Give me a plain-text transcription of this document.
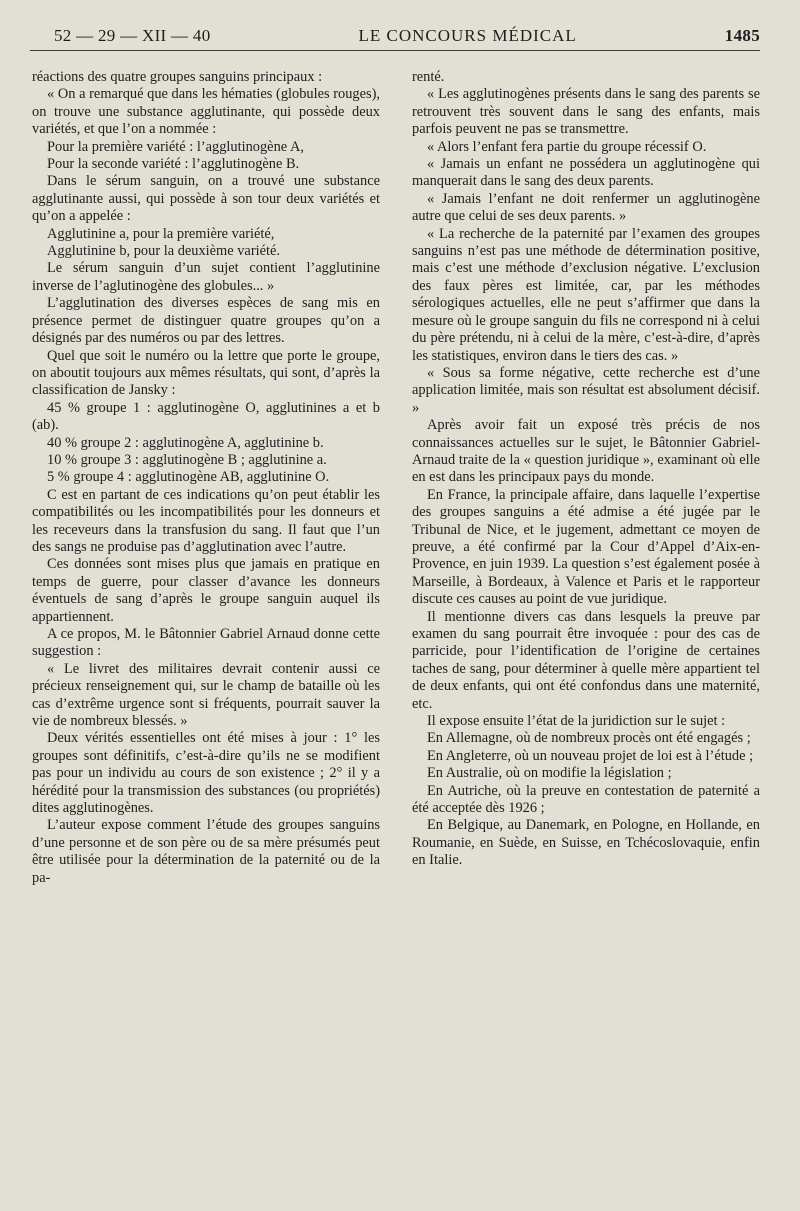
52 — 29 — XII — 40	LE CONCOURS MÉDICAL	1485

réactions des quatre groupes sanguins principaux :

« On a remarqué que dans les hématies (globules rouges), on trouve une substance agglutinante, qui possède deux variétés, et que l’on a nommée :

Pour la première variété : l’agglutinogène A,

Pour la seconde variété : l’agglutinogène B.

Dans le sérum sanguin, on a trouvé une substance agglutinante aussi, qui possède à son tour deux variétés et qu’on a appelée :

Agglutinine a, pour la première variété,

Agglutinine b, pour la deuxième variété.

Le sérum sanguin d’un sujet contient l’agglutinine inverse de l’aglutinogène des globules... »

L’agglutination des diverses espèces de sang mis en présence permet de distinguer quatre groupes qu’on a désignés par des numéros ou par des lettres.

Quel que soit le numéro ou la lettre que porte le groupe, on aboutit toujours aux mêmes résultats, qui sont, d’après la classification de Jansky :

45 % groupe 1 : agglutinogène O, agglutinines a et b (ab).

40 % groupe 2 : agglutinogène A, agglutinine b.

10 % groupe 3 : agglutinogène B ; agglutinine a.

5 % groupe 4 : agglutinogène AB, agglutinine O.

C est en partant de ces indications qu’on peut établir les compatibilités ou les incompatibilités pour les donneurs et les receveurs dans la transfusion du sang. Il faut que l’un des sangs ne produise pas d’agglutination avec l’autre.

Ces données sont mises plus que jamais en pratique en temps de guerre, pour classer d’avance les donneurs éventuels de sang d’après le groupe sanguin auquel ils appartiennent.

A ce propos, M. le Bâtonnier Gabriel Arnaud donne cette suggestion :

« Le livret des militaires devrait contenir aussi ce précieux renseignement qui, sur le champ de bataille où les cas d’extrême urgence sont si fréquents, pourrait sauver la vie de nombreux blessés. »

Deux vérités essentielles ont été mises à jour : 1° les groupes sont définitifs, c’est-à-dire qu’ils ne se modifient pas pour un individu au cours de son existence ; 2° il y a hérédité pour la transmission des substances (ou propriétés) dites agglutinogènes.

L’auteur expose comment l’étude des groupes sanguins d’une personne et de son père ou de sa mère présumés peut être utilisée pour la détermination de la paternité ou de la pa-

renté.

« Les agglutinogènes présents dans le sang des parents se retrouvent très souvent dans le sang des enfants, mais parfois peuvent ne pas se transmettre.

« Alors l’enfant fera partie du groupe récessif O.

« Jamais un enfant ne possédera un agglutinogène qui manquerait dans le sang des deux parents.

« Jamais l’enfant ne doit renfermer un agglutinogène autre que celui de ses deux parents. »

« La recherche de la paternité par l’examen des groupes sanguins n’est pas une méthode de détermination positive, mais c’est une méthode d’exclusion négative. L’exclusion des faux pères est limitée, car, par les méthodes sérologiques actuelles, elle ne peut s’affirmer que dans la mesure où le groupe sanguin du fils ne correspond ni à celui du père prétendu, ni à celui de la mère, c’est-à-dire, d’après les statistiques, environ dans le tiers des cas. »

« Sous sa forme négative, cette recherche est d’une application limitée, mais son résultat est absolument décisif. »

Après avoir fait un exposé très précis de nos connaissances actuelles sur le sujet, le Bâtonnier Gabriel-Arnaud traite de la « question juridique », examinant où elle en est dans les principaux pays du monde.

En France, la principale affaire, dans laquelle l’expertise des groupes sanguins a été admise a été jugée par le Tribunal de Nice, et le jugement, admettant ce moyen de preuve, a été confirmé par la Cour d’Appel d’Aix-en-Provence, en juin 1939. La question s’est également posée à Marseille, à Bordeaux, à Valence et Paris et le rapporteur discute ces causes au point de vue juridique.

Il mentionne divers cas dans lesquels la preuve par examen du sang pourrait être invoquée : pour des cas de parricide, pour l’identification de l’origine de certaines taches de sang, pour déterminer à quelle mère appartient tel de deux enfants, qui ont été confondus dans une maternité, etc.

Il expose ensuite l’état de la juridiction sur le sujet :

En Allemagne, où de nombreux procès ont été engagés ;

En Angleterre, où un nouveau projet de loi est à l’étude ;

En Australie, où on modifie la législation ;

En Autriche, où la preuve en contestation de paternité a été acceptée dès 1926 ;

En Belgique, au Danemark, en Pologne, en Hollande, en Roumanie, en Suède, en Suisse, en Tchécoslovaquie, enfin en Italie.
